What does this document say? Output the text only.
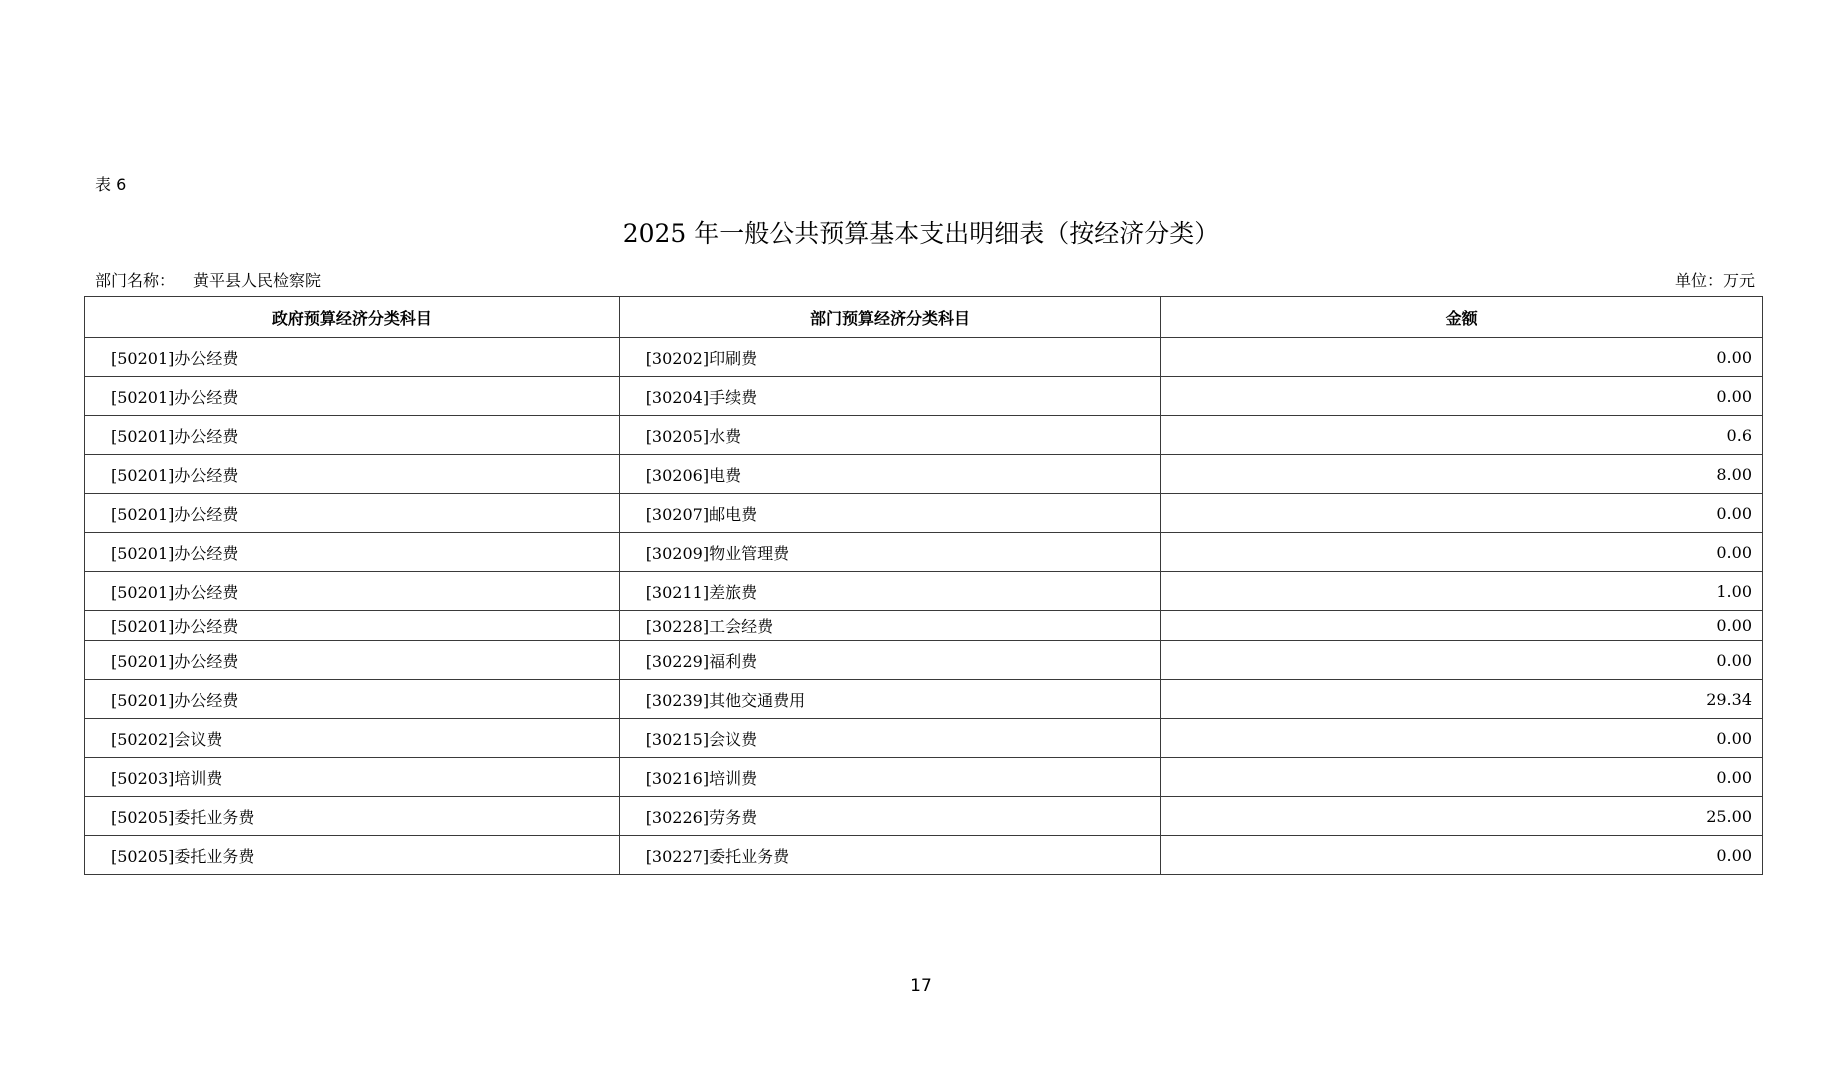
表 6
2025 年一般公共预算基本支出明细表（按经济分类）
部门名称： 黄平县人民检察院	单位：万元
政府预算经济分类科目	部门预算经济分类科目	金额
[50201]办公经费	[30202]印刷费	0.00
[50201]办公经费	[30204]手续费	0.00
[50201]办公经费	[30205]水费	0.6
[50201]办公经费	[30206]电费	8.00
[50201]办公经费	[30207]邮电费	0.00
[50201]办公经费	[30209]物业管理费	0.00
[50201]办公经费	[30211]差旅费	1.00
[50201]办公经费	[30228]工会经费	0.00
[50201]办公经费	[30229]福利费	0.00
[50201]办公经费	[30239]其他交通费用	29.34
[50202]会议费	[30215]会议费	0.00
[50203]培训费	[30216]培训费	0.00
[50205]委托业务费	[30226]劳务费	25.00
[50205]委托业务费	[30227]委托业务费	0.00
17
